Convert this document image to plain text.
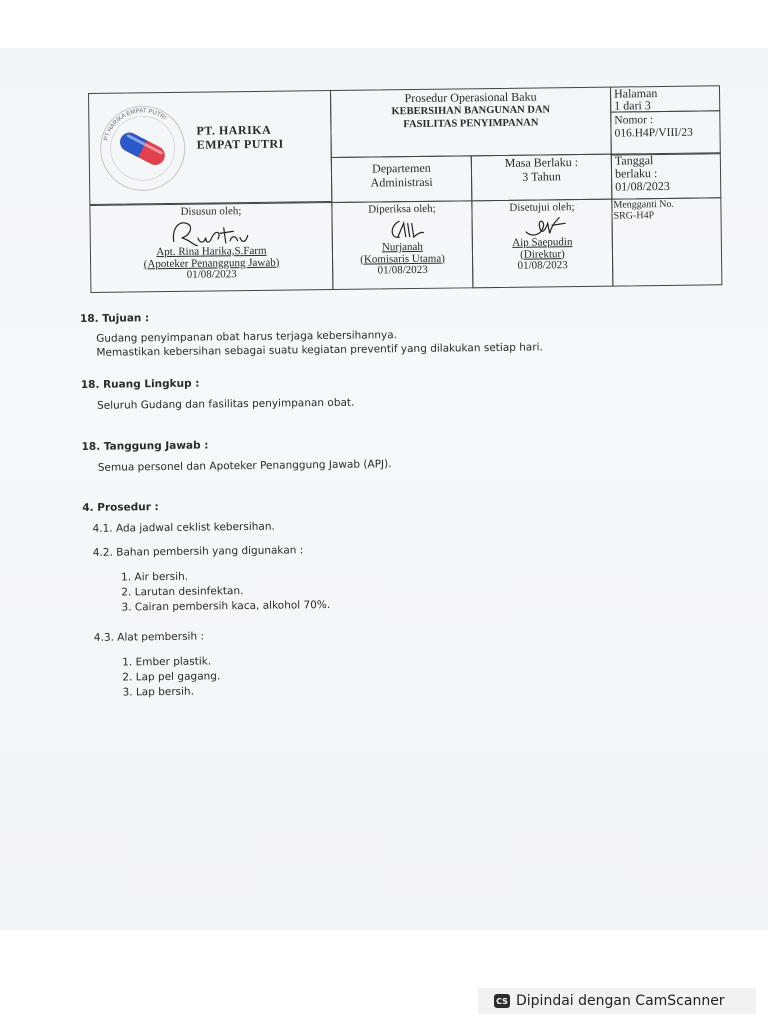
PT HARIKA EMPAT PUTRI
PT. HARIKA
EMPAT PUTRI
Prosedur Operasional Baku
KEBERSIHAN BANGUNAN DAN
FASILITAS PENYIMPANAN
Halaman
1 dari 3
Nomor :
016.H4P/VIII/23
Departemen
Administrasi
Masa Berlaku :
3 Tahun
Tanggal
berlaku :
01/08/2023
Disusun oleh;
Apt. Rina Harika,S.Farm
(Apoteker Penanggung Jawab)
01/08/2023
Diperiksa oleh;
Nurjanah
(Komisaris Utama)
01/08/2023
Disetujui oleh;
Aip Saepudin
(Direktur)
01/08/2023
Mengganti No.
SRG-H4P
18. Tujuan :
Gudang penyimpanan obat harus terjaga kebersihannya.
Memastikan kebersihan sebagai suatu kegiatan preventif yang dilakukan setiap hari.
18. Ruang Lingkup :
Seluruh Gudang dan fasilitas penyimpanan obat.
18. Tanggung Jawab :
Semua personel dan Apoteker Penanggung Jawab (APJ).
4. Prosedur :
4.1. Ada jadwal ceklist kebersihan.
4.2. Bahan pembersih yang digunakan :
1. Air bersih.
2. Larutan desinfektan.
3. Cairan pembersih kaca, alkohol 70%.
4.3. Alat pembersih :
1. Ember plastik.
2. Lap pel gagang.
3. Lap bersih.
CS Dipindai dengan CamScanner
